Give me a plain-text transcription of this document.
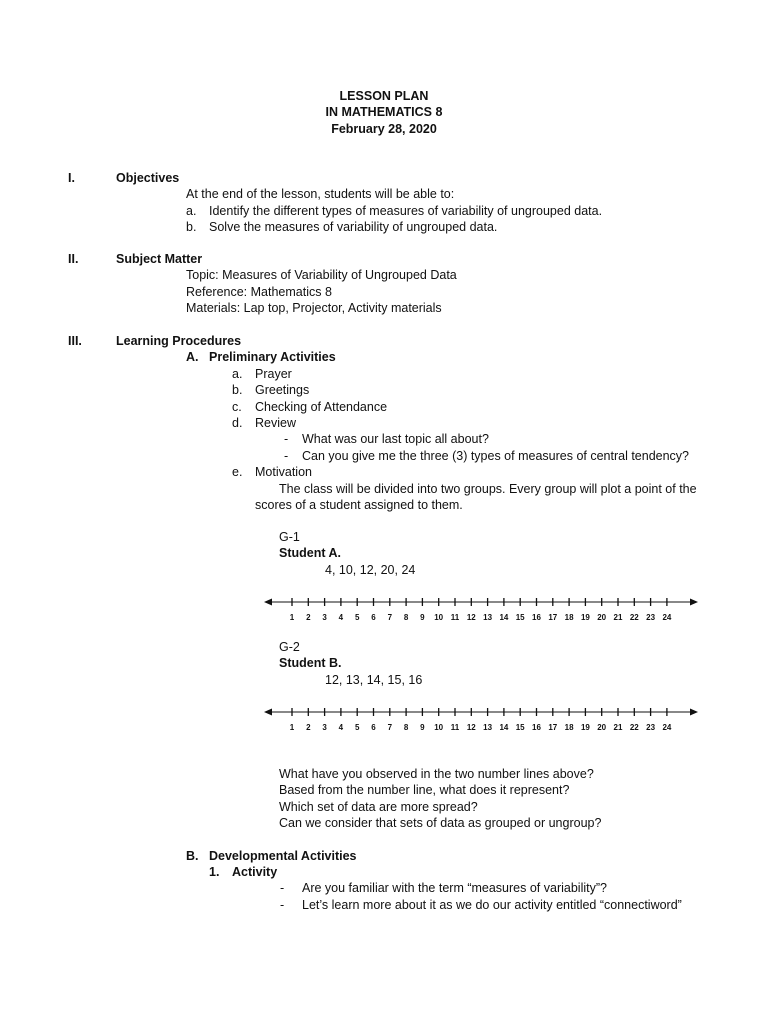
LESSON PLAN
IN MATHEMATICS 8
February 28, 2020
I.	Objectives
At the end of the lesson, students will be able to:
a. Identify the different types of measures of variability of ungrouped data.
b. Solve the measures of variability of ungrouped data.
II.	Subject Matter
Topic: Measures of Variability of Ungrouped Data
Reference: Mathematics 8
Materials: Lap top, Projector, Activity materials
III.	Learning Procedures
A. Preliminary Activities
a. Prayer
b. Greetings
c. Checking of Attendance
d. Review
- What was our last topic all about?
- Can you give me the three (3) types of measures of central tendency?
e. Motivation
The class will be divided into two groups. Every group will plot a point of the
scores of a student assigned to them.
G-1
Student A.
4, 10, 12, 20, 24
1 2 3 4 5 6 7 8 9 10 11 12 13 14 15 16 17 18 19 20 21 22 23 24
G-2
Student B.
12, 13, 14, 15, 16
1 2 3 4 5 6 7 8 9 10 11 12 13 14 15 16 17 18 19 20 21 22 23 24
What have you observed in the two number lines above?
Based from the number line, what does it represent?
Which set of data are more spread?
Can we consider that sets of data as grouped or ungroup?
B. Developmental Activities
1. Activity
- Are you familiar with the term “measures of variability”?
- Let’s learn more about it as we do our activity entitled “connectiword”
